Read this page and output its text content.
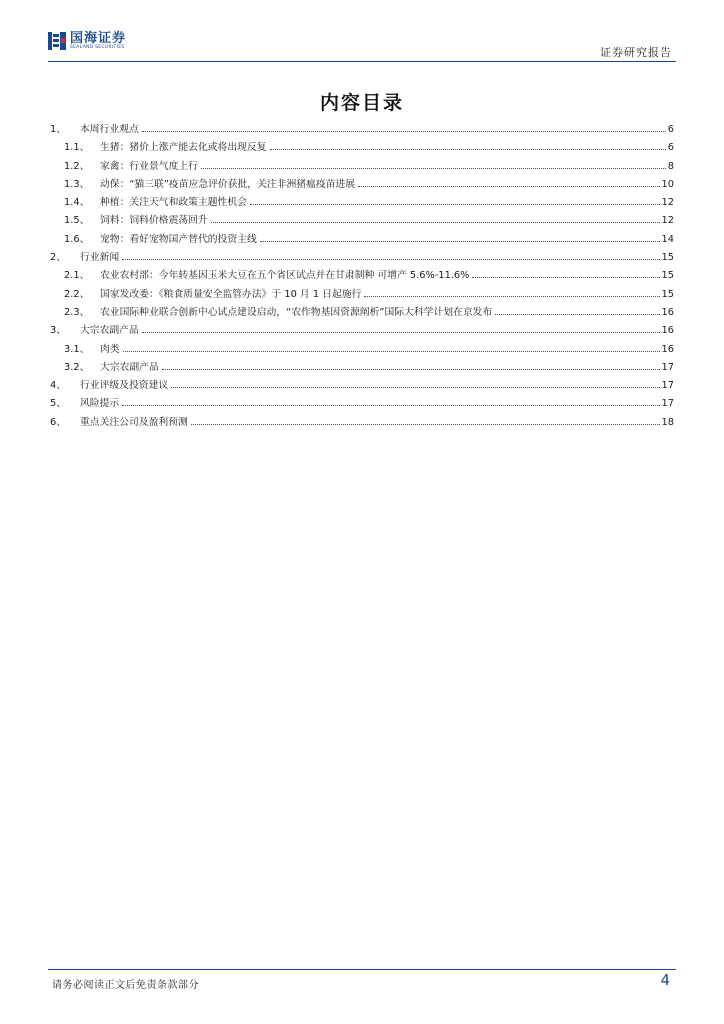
国海证券
SEALAND SECURITIES	证券研究报告
内容目录
1、	本周行业观点	6
1.1、	生猪：猪价上涨产能去化或将出现反复	6
1.2、	家禽：行业景气度上行	8
1.3、	动保：“猫三联”疫苗应急评价获批，关注非洲猪瘟疫苗进展	10
1.4、	种植：关注天气和政策主题性机会	12
1.5、	饲料：饲料价格震荡回升	12
1.6、	宠物：看好宠物国产替代的投资主线	14
2、	行业新闻	15
2.1、	农业农村部：今年转基因玉米大豆在五个省区试点并在甘肃制种 可增产 5.6%-11.6%	15
2.2、	国家发改委：《粮食质量安全监管办法》于 10 月 1 日起施行	15
2.3、	农业国际种业联合创新中心试点建设启动，“农作物基因资源阐析”国际大科学计划在京发布	16
3、	大宗农副产品	16
3.1、	肉类	16
3.2、	大宗农副产品	17
4、	行业评级及投资建议	17
5、	风险提示	17
6、	重点关注公司及盈利预测	18
请务必阅读正文后免责条款部分	4
